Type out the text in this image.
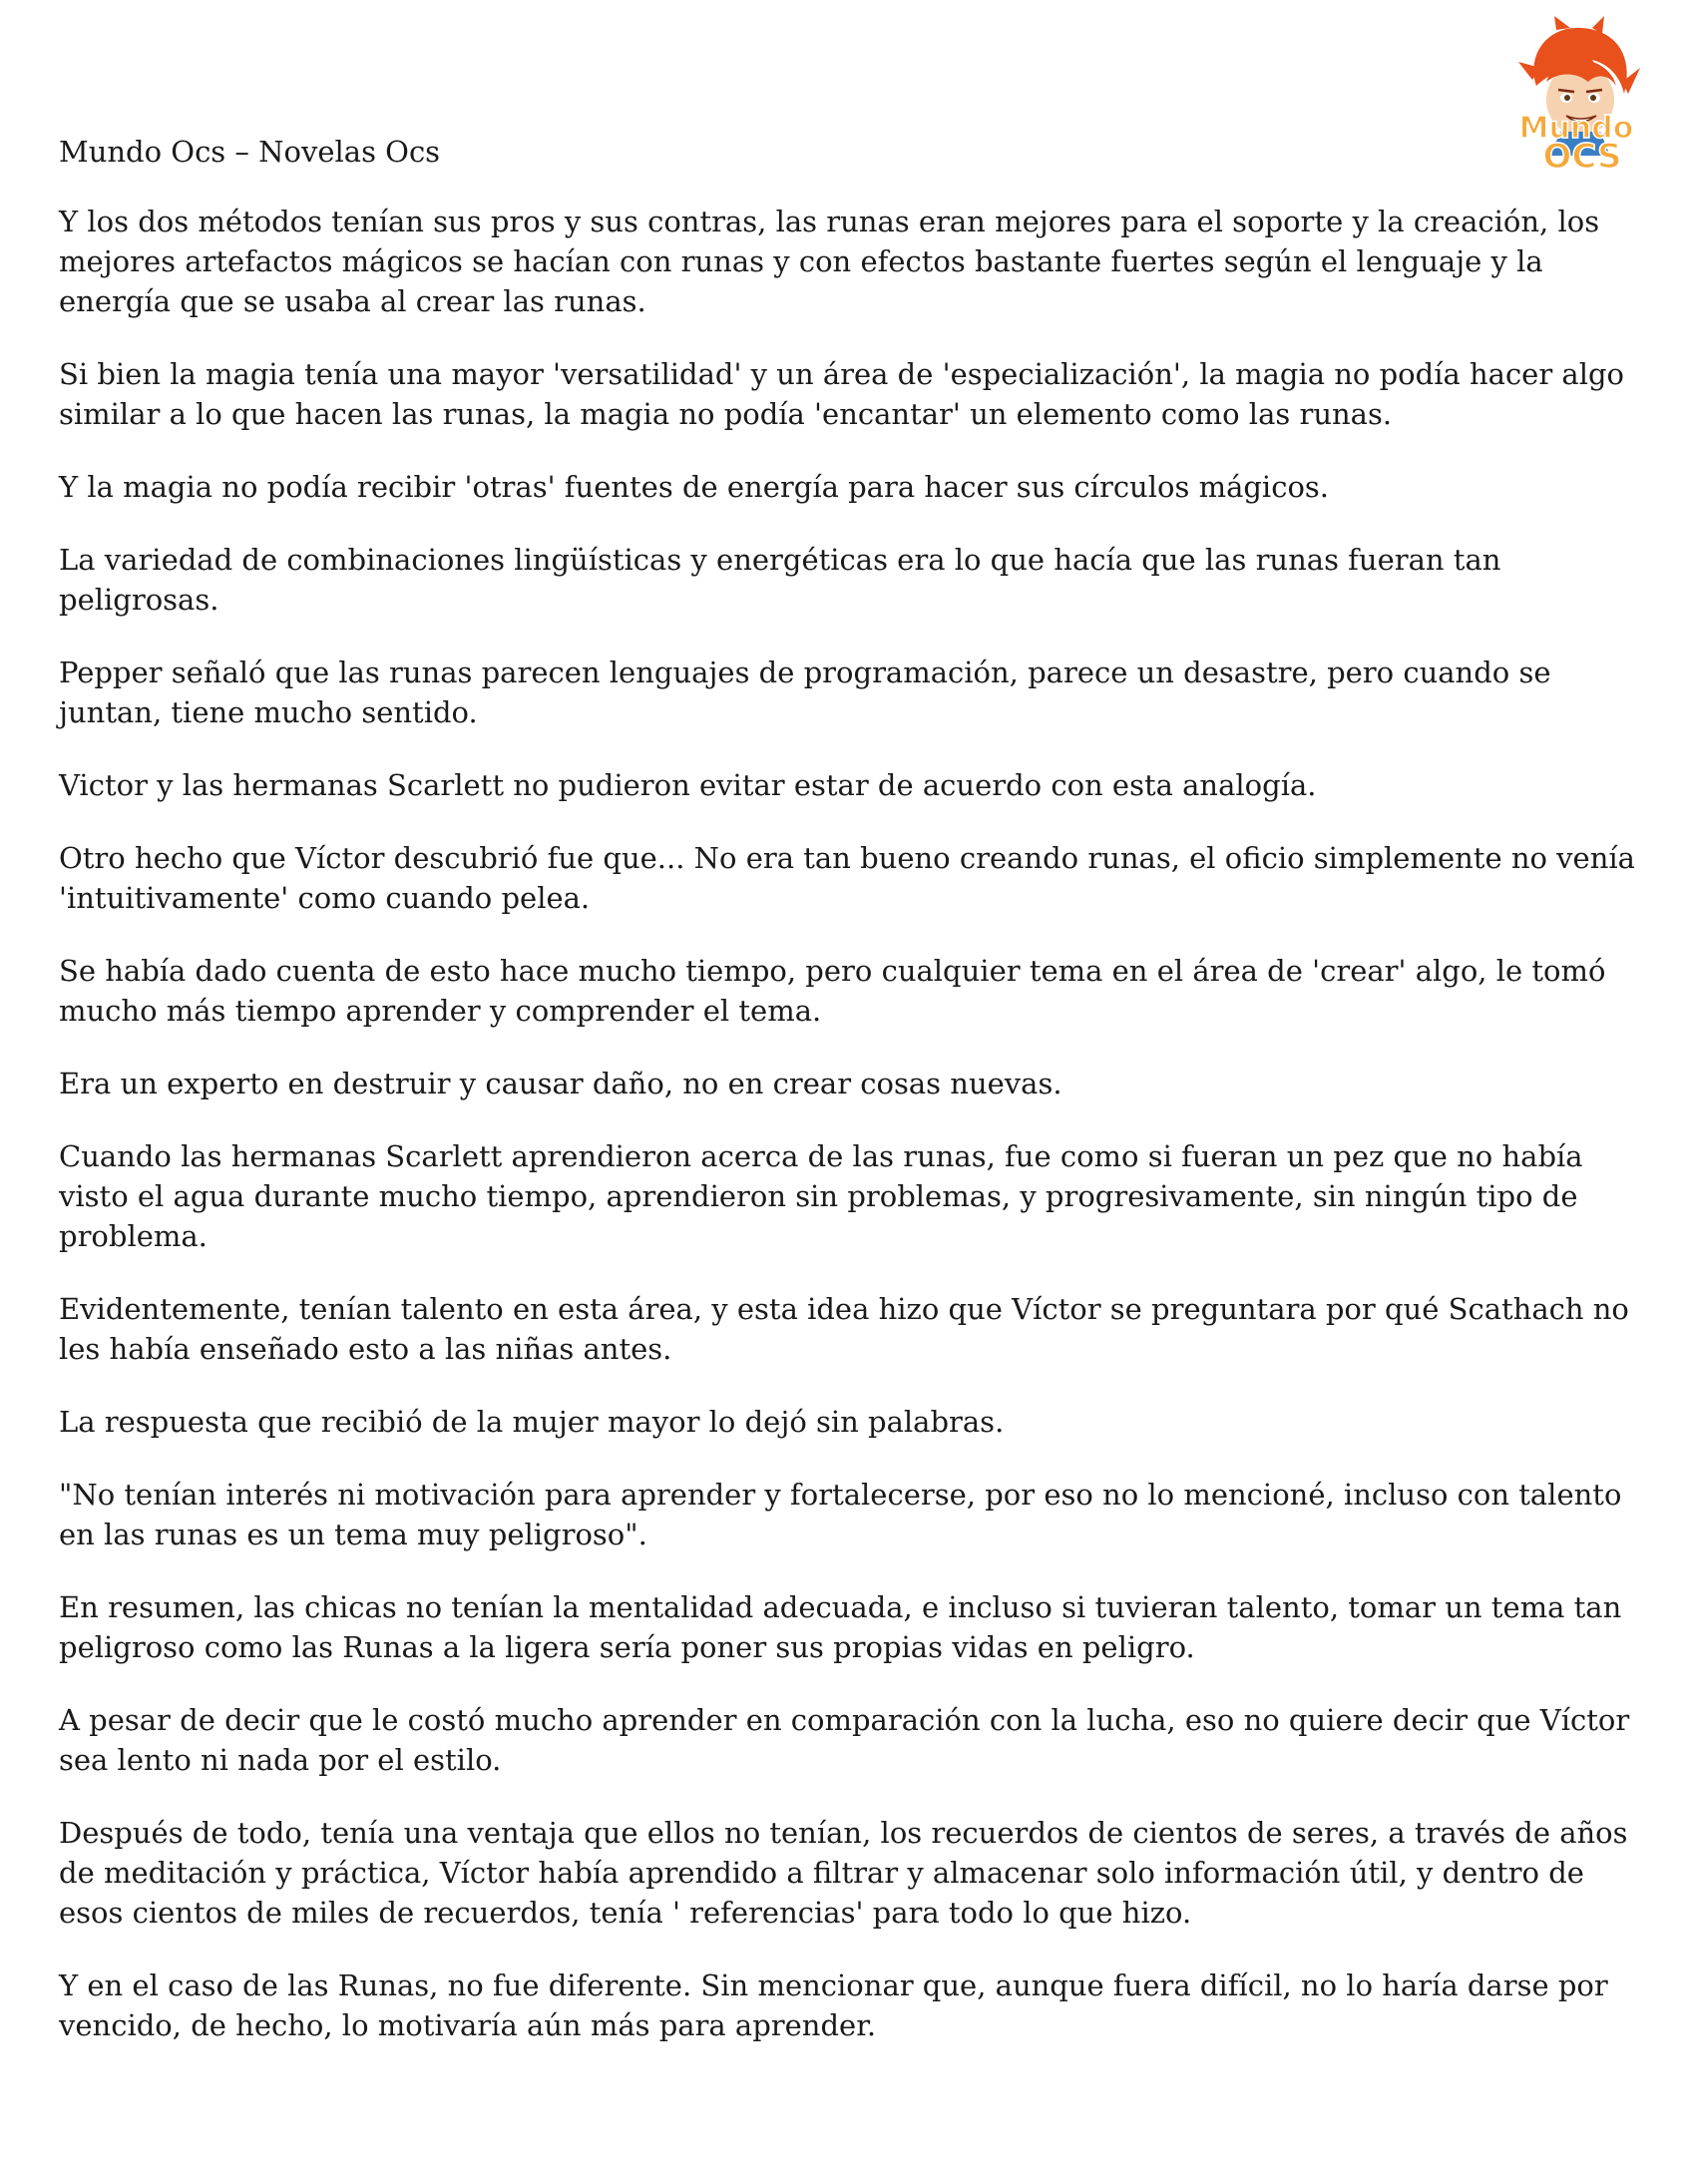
Mundo
OCS
Mundo Ocs – Novelas Ocs

Y los dos métodos tenían sus pros y sus contras, las runas eran mejores para el soporte y la creación, los mejores artefactos mágicos se hacían con runas y con efectos bastante fuertes según el lenguaje y la energía que se usaba al crear las runas.

Si bien la magia tenía una mayor 'versatilidad' y un área de 'especialización', la magia no podía hacer algo similar a lo que hacen las runas, la magia no podía 'encantar' un elemento como las runas.

Y la magia no podía recibir 'otras' fuentes de energía para hacer sus círculos mágicos.

La variedad de combinaciones lingüísticas y energéticas era lo que hacía que las runas fueran tan peligrosas.

Pepper señaló que las runas parecen lenguajes de programación, parece un desastre, pero cuando se juntan, tiene mucho sentido.

Victor y las hermanas Scarlett no pudieron evitar estar de acuerdo con esta analogía.

Otro hecho que Víctor descubrió fue que... No era tan bueno creando runas, el oficio simplemente no venía 'intuitivamente' como cuando pelea.

Se había dado cuenta de esto hace mucho tiempo, pero cualquier tema en el área de 'crear' algo, le tomó mucho más tiempo aprender y comprender el tema.

Era un experto en destruir y causar daño, no en crear cosas nuevas.

Cuando las hermanas Scarlett aprendieron acerca de las runas, fue como si fueran un pez que no había visto el agua durante mucho tiempo, aprendieron sin problemas, y progresivamente, sin ningún tipo de problema.

Evidentemente, tenían talento en esta área, y esta idea hizo que Víctor se preguntara por qué Scathach no les había enseñado esto a las niñas antes.

La respuesta que recibió de la mujer mayor lo dejó sin palabras.

"No tenían interés ni motivación para aprender y fortalecerse, por eso no lo mencioné, incluso con talento en las runas es un tema muy peligroso".

En resumen, las chicas no tenían la mentalidad adecuada, e incluso si tuvieran talento, tomar un tema tan peligroso como las Runas a la ligera sería poner sus propias vidas en peligro.

A pesar de decir que le costó mucho aprender en comparación con la lucha, eso no quiere decir que Víctor sea lento ni nada por el estilo.

Después de todo, tenía una ventaja que ellos no tenían, los recuerdos de cientos de seres, a través de años de meditación y práctica, Víctor había aprendido a filtrar y almacenar solo información útil, y dentro de esos cientos de miles de recuerdos, tenía ' referencias' para todo lo que hizo.

Y en el caso de las Runas, no fue diferente. Sin mencionar que, aunque fuera difícil, no lo haría darse por vencido, de hecho, lo motivaría aún más para aprender.
